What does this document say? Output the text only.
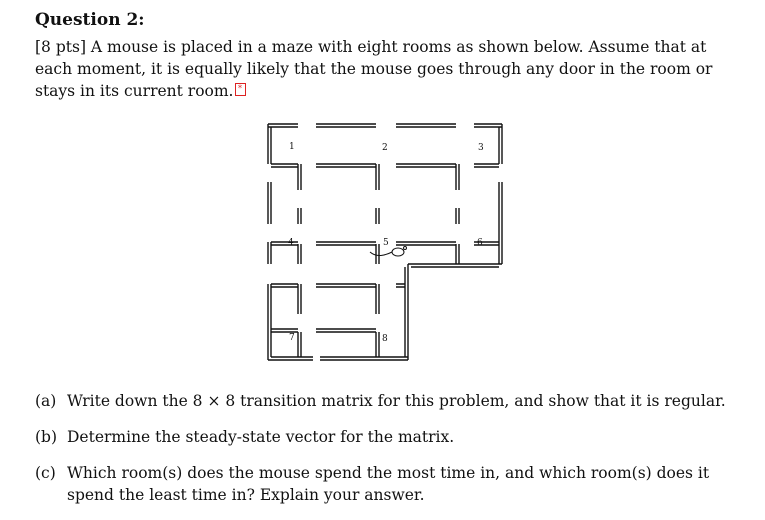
Question 2:
[8 pts] A mouse is placed in a maze with eight rooms as shown below. Assume that at each moment, it is equally likely that the mouse goes through any door in the room or stays in its current room. *
1	2	3
4	5	6
7	8
(a) Write down the 8 × 8 transition matrix for this problem, and show that it is regular.
(b) Determine the steady-state vector for the matrix.
(c) Which room(s) does the mouse spend the most time in, and which room(s) does it spend the least time in? Explain your answer.
